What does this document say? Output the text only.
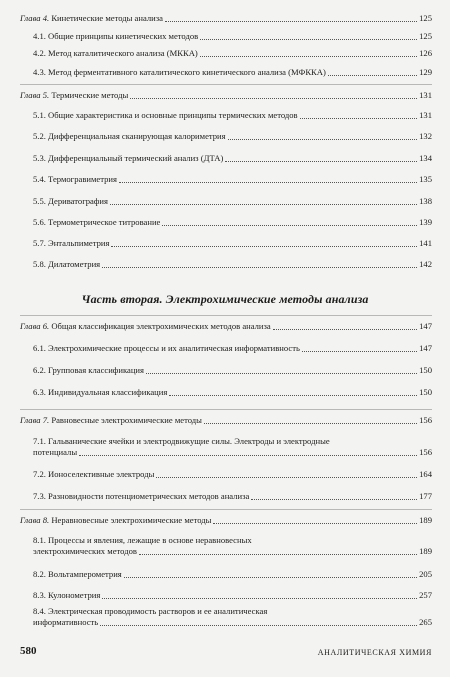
Глава 4. Кинетические методы анализа	125
4.1. Общие принципы кинетических методов	125
4.2. Метод каталитического анализа (МККА)	126
4.3. Метод ферментативного каталитического кинетического анализа (МФККА)	129
Глава 5. Термические методы	131
5.1. Общие характеристика и основные принципы термических методов	131
5.2. Дифференциальная сканирующая калориметрия	132
5.3. Дифференциальный термический анализ (ДТА)	134
5.4. Термогравиметрия	135
5.5. Дериватография	138
5.6. Термометрическое титрование	139
5.7. Энтальпиметрия	141
5.8. Дилатометрия	142
Часть вторая. Электрохимические методы анализа
Глава 6. Общая классификация электрохимических методов анализа	147
6.1. Электрохимические процессы и их аналитическая информативность	147
6.2. Групповая классификация	150
6.3. Индивидуальная классификация	150
Глава 7. Равновесные электрохимические методы	156
7.1. Гальванические ячейки и электродвижущие силы. Электроды и электродные
потенциалы	156
7.2. Ионоселективные электроды	164
7.3. Разновидности потенциометрических методов анализа	177
Глава 8. Неравновесные электрохимические методы	189
8.1. Процессы и явления, лежащие в основе неравновесных
электрохимических методов	189
8.2. Вольтамперометрия	205
8.3. Кулонометрия	257
8.4. Электрическая проводимость растворов и ее аналитическая
информативность	265
580	АНАЛИТИЧЕСКАЯ ХИМИЯ
